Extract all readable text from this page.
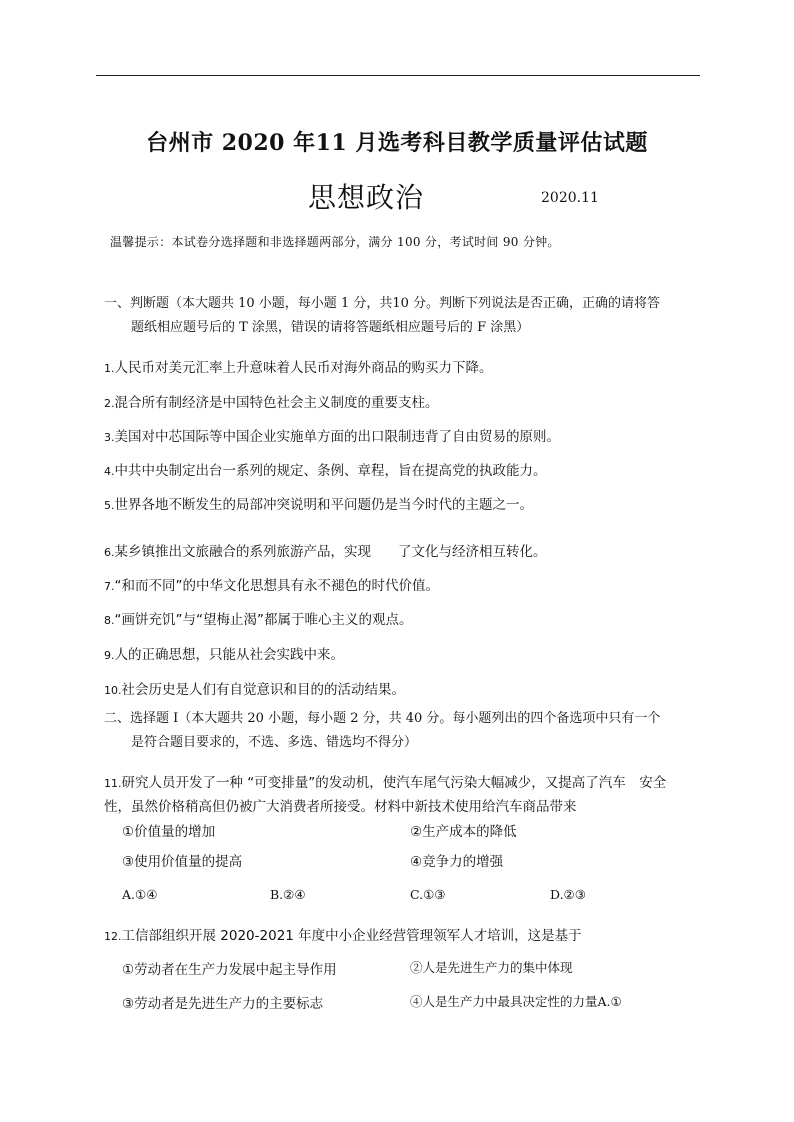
台州市 2020 年11 月选考科目教学质量评估试题
思想政治	2020.11
温馨提示：本试卷分选择题和非选择题两部分，满分 100 分，考试时间 90 分钟。
一、判断题（本大题共 10 小题，每小题 1 分，共10 分。判断下列说法是否正确，正确的请将答
题纸相应题号后的 T 涂黑，错误的请将答题纸相应题号后的 F 涂黑）
1.人民币对美元汇率上升意味着人民币对海外商品的购买力下降。
2.混合所有制经济是中国特色社会主义制度的重要支柱。
3.美国对中芯国际等中国企业实施单方面的出口限制违背了自由贸易的原则。
4.中共中央制定出台一系列的规定、条例、章程，旨在提高党的执政能力。
5.世界各地不断发生的局部冲突说明和平问题仍是当今时代的主题之一。
6.某乡镇推出文旅融合的系列旅游产品，实现　　了文化与经济相互转化。
7.“和而不同”的中华文化思想具有永不褪色的时代价值。
8.“画饼充饥”与“望梅止渴”都属于唯心主义的观点。
9.人的正确思想，只能从社会实践中来。
10.社会历史是人们有自觉意识和目的的活动结果。
二、选择题 Ⅰ（本大题共 20 小题，每小题 2 分，共 40 分。每小题列出的四个备选项中只有一个
是符合题目要求的，不选、多选、错选均不得分）
11.研究人员开发了一种 “可变排量”的发动机，使汽车尾气污染大幅减少，又提高了汽车　安全
性，虽然价格稍高但仍被广大消费者所接受。材料中新技术使用给汽车商品带来
①价值量的增加	②生产成本的降低
③使用价值量的提高	④竞争力的增强
A.①④	B.②④	C.①③	D.②③
12.工信部组织开展 2020-2021 年度中小企业经营管理领军人才培训，这是基于
①劳动者在生产力发展中起主导作用	②人是先进生产力的集中体现
③劳动者是先进生产力的主要标志	④人是生产力中最具决定性的力量A.①
